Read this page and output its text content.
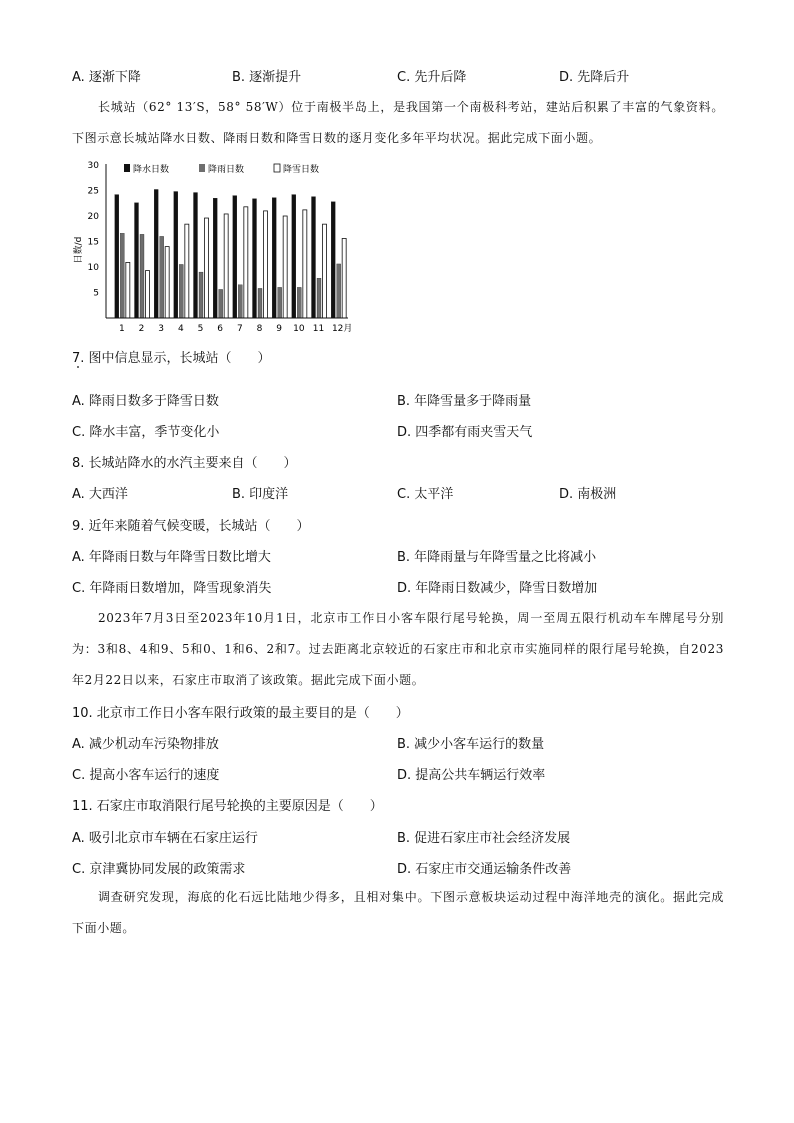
A. 逐渐下降	B. 逐渐提升	C. 先升后降	D. 先降后升
长城站（62° 13′S，58° 58′W）位于南极半岛上，是我国第一个南极科考站，建站后积累了丰富的气象资料。下图示意长城站降水日数、降雨日数和降雪日数的逐月变化多年平均状况。据此完成下面小题。
降水日数	降雨日数	降雪日数
日数/d
5
10
15
20
25
30
1 2 3 4 5 6 7 8 9 10 11 12月
7. 图中信息显示，长城站（　　）
A. 降雨日数多于降雪日数	B. 年降雪量多于降雨量
C. 降水丰富，季节变化小	D. 四季都有雨夹雪天气
8. 长城站降水的水汽主要来自（　　）
A. 大西洋	B. 印度洋	C. 太平洋	D. 南极洲
9. 近年来随着气候变暖，长城站（　　）
A. 年降雨日数与年降雪日数比增大	B. 年降雨量与年降雪量之比将减小
C. 年降雨日数增加，降雪现象消失	D. 年降雨日数减少，降雪日数增加
2023年7月3日至2023年10月1日，北京市工作日小客车限行尾号轮换，周一至周五限行机动车车牌尾号分别为：3和8、4和9、5和0、1和6、2和7。过去距离北京较近的石家庄市和北京市实施同样的限行尾号轮换，自2023年2月22日以来，石家庄市取消了该政策。据此完成下面小题。
10. 北京市工作日小客车限行政策的最主要目的是（　　）
A. 减少机动车污染物排放	B. 减少小客车运行的数量
C. 提高小客车运行的速度	D. 提高公共车辆运行效率
11. 石家庄市取消限行尾号轮换的主要原因是（　　）
A. 吸引北京市车辆在石家庄运行	B. 促进石家庄市社会经济发展
C. 京津冀协同发展的政策需求	D. 石家庄市交通运输条件改善
调查研究发现，海底的化石远比陆地少得多，且相对集中。下图示意板块运动过程中海洋地壳的演化。据此完成下面小题。
